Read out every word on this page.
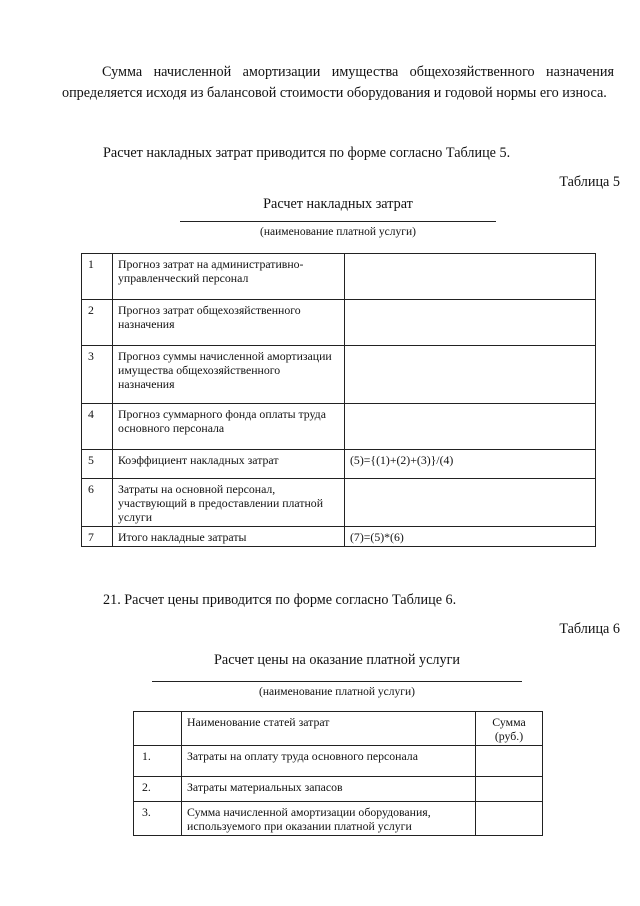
Сумма начисленной амортизации имущества общехозяйственного назначения определяется исходя из балансовой стоимости оборудования и годовой нормы его износа.
Расчет накладных затрат приводится по форме согласно Таблице 5.
Таблица 5
Расчет накладных затрат
(наименование платной услуги)
1	Прогноз затрат на административно-управленческий персонал	
2	Прогноз затрат общехозяйственного назначения	
3	Прогноз суммы начисленной амортизации имущества общехозяйственного назначения	
4	Прогноз суммарного фонда оплаты труда основного персонала	
5	Коэффициент накладных затрат	(5)={(1)+(2)+(3)}/(4)
6	Затраты на основной персонал, участвующий в предоставлении платной услуги	
7	Итого накладные затраты	(7)=(5)*(6)
21. Расчет цены приводится по форме согласно Таблице 6.
Таблица 6
Расчет цены на оказание платной услуги
(наименование платной услуги)
	Наименование статей затрат	Сумма (руб.)
1.	Затраты на оплату труда основного персонала	
2.	Затраты материальных запасов	
3.	Сумма начисленной амортизации оборудования, используемого при оказании платной услуги	
